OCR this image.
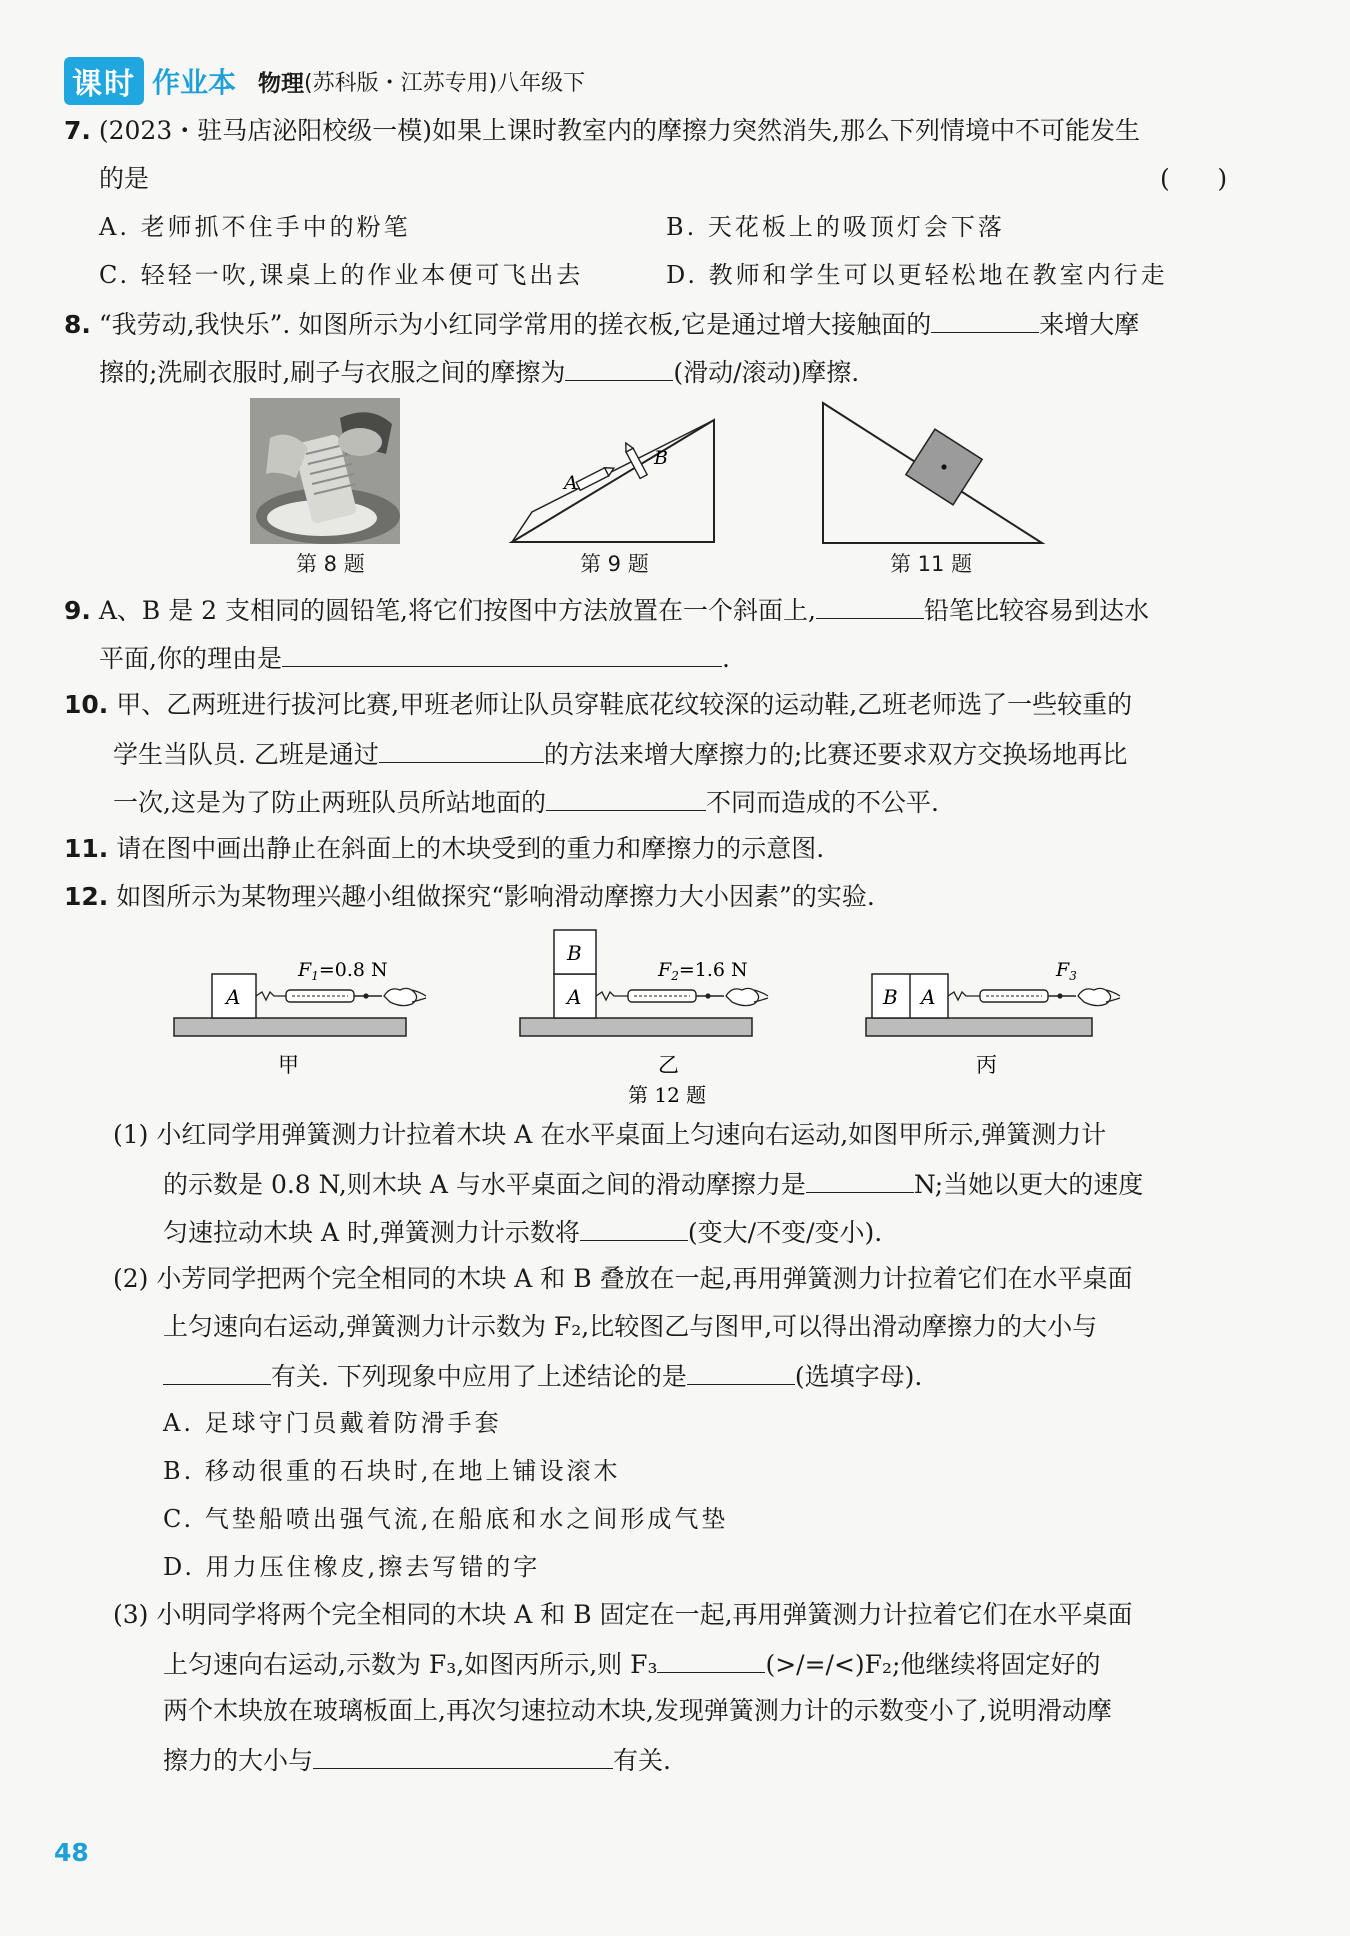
课时 作业本 物理 (苏科版・江苏专用)八年级下
7. (2023・驻马店泌阳校级一模)如果上课时教室内的摩擦力突然消失,那么下列情境中不可能发生
的是	(      )
A. 老师抓不住手中的粉笔	B. 天花板上的吸顶灯会下落
C. 轻轻一吹,课桌上的作业本便可飞出去	D. 教师和学生可以更轻松地在教室内行走
8. “我劳动,我快乐”. 如图所示为小红同学常用的搓衣板,它是通过增大接触面的	来增大摩
擦的;洗刷衣服时,刷子与衣服之间的摩擦为	(滑动/滚动)摩擦.
第 8 题
A
B
第 9 题	第 11 题
9. A、B 是 2 支相同的圆铅笔,将它们按图中方法放置在一个斜面上,	铅笔比较容易到达水
平面,你的理由是	.
10. 甲、乙两班进行拔河比赛,甲班老师让队员穿鞋底花纹较深的运动鞋,乙班老师选了一些较重的
学生当队员. 乙班是通过	的方法来增大摩擦力的;比赛还要求双方交换场地再比
一次,这是为了防止两班队员所站地面的	不同而造成的不公平.
11. 请在图中画出静止在斜面上的木块受到的重力和摩擦力的示意图.
12. 如图所示为某物理兴趣小组做探究“影响滑动摩擦力大小因素”的实验.
A
$F_1=0.8$ N
A
B
$F_2=1.6$ N
B A
$F_3$
甲	乙	丙
第 12 题
(1) 小红同学用弹簧测力计拉着木块 A 在水平桌面上匀速向右运动,如图甲所示,弹簧测力计
的示数是 0.8 N,则木块 A 与水平桌面之间的滑动摩擦力是	N;当她以更大的速度
匀速拉动木块 A 时,弹簧测力计示数将	(变大/不变/变小).
(2) 小芳同学把两个完全相同的木块 A 和 B 叠放在一起,再用弹簧测力计拉着它们在水平桌面
上匀速向右运动,弹簧测力计示数为 F₂,比较图乙与图甲,可以得出滑动摩擦力的大小与
有关. 下列现象中应用了上述结论的是	(选填字母).
A. 足球守门员戴着防滑手套
B. 移动很重的石块时,在地上铺设滚木
C. 气垫船喷出强气流,在船底和水之间形成气垫
D. 用力压住橡皮,擦去写错的字
(3) 小明同学将两个完全相同的木块 A 和 B 固定在一起,再用弹簧测力计拉着它们在水平桌面
上匀速向右运动,示数为 F₃,如图丙所示,则 F₃	(>/=/<)F₂;他继续将固定好的
两个木块放在玻璃板面上,再次匀速拉动木块,发现弹簧测力计的示数变小了,说明滑动摩
擦力的大小与	有关.
48
